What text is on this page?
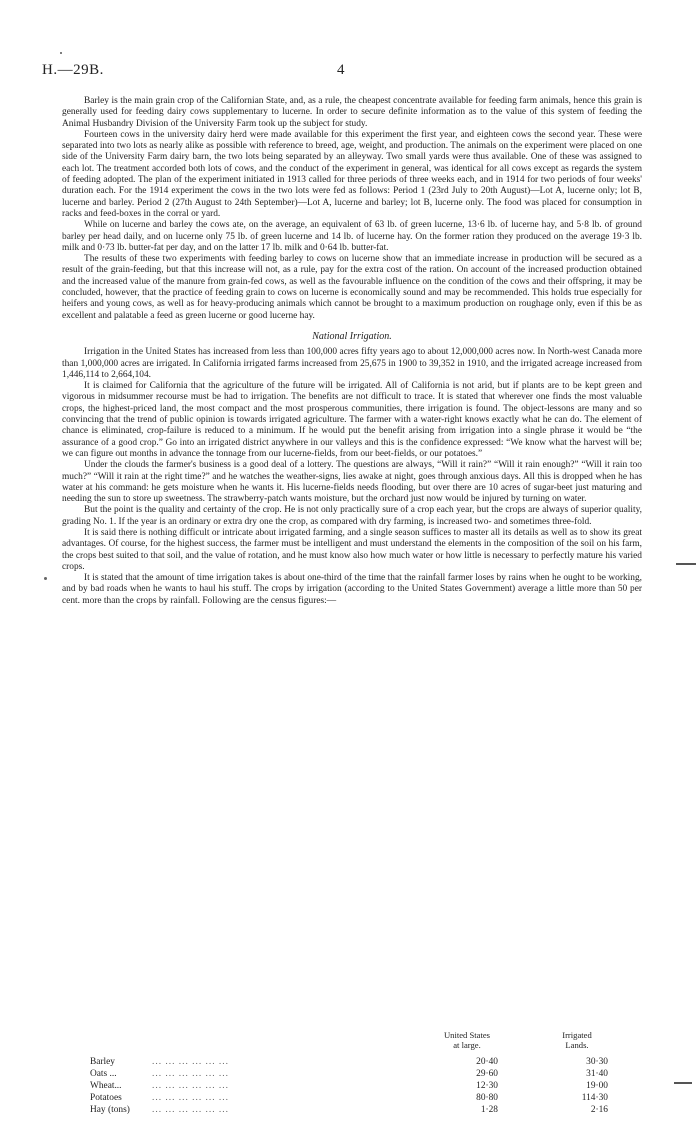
H.—29B.	4

Barley is the main grain crop of the Californian State, and, as a rule, the cheapest concentrate available for feeding farm animals, hence this grain is generally used for feeding dairy cows supplementary to lucerne. In order to secure definite information as to the value of this system of feeding the Animal Husbandry Division of the University Farm took up the subject for study.

Fourteen cows in the university dairy herd were made available for this experiment the first year, and eighteen cows the second year. These were separated into two lots as nearly alike as possible with reference to breed, age, weight, and production. The animals on the experiment were placed on one side of the University Farm dairy barn, the two lots being separated by an alleyway. Two small yards were thus available. One of these was assigned to each lot. The treatment accorded both lots of cows, and the conduct of the experiment in general, was identical for all cows except as regards the system of feeding adopted. The plan of the experiment initiated in 1913 called for three periods of three weeks each, and in 1914 for two periods of four weeks' duration each. For the 1914 experiment the cows in the two lots were fed as follows: Period 1 (23rd July to 20th August)—Lot A, lucerne only; lot B, lucerne and barley. Period 2 (27th August to 24th September)—Lot A, lucerne and barley; lot B, lucerne only. The food was placed for consumption in racks and feed-boxes in the corral or yard.

While on lucerne and barley the cows ate, on the average, an equivalent of 63 lb. of green lucerne, 13·6 lb. of lucerne hay, and 5·8 lb. of ground barley per head daily, and on lucerne only 75 lb. of green lucerne and 14 lb. of lucerne hay. On the former ration they produced on the average 19·3 lb. milk and 0·73 lb. butter-fat per day, and on the latter 17 lb. milk and 0·64 lb. butter-fat.

The results of these two experiments with feeding barley to cows on lucerne show that an immediate increase in production will be secured as a result of the grain-feeding, but that this increase will not, as a rule, pay for the extra cost of the ration. On account of the increased production obtained and the increased value of the manure from grain-fed cows, as well as the favourable influence on the condition of the cows and their offspring, it may be concluded, however, that the practice of feeding grain to cows on lucerne is economically sound and may be recommended. This holds true especially for heifers and young cows, as well as for heavy-producing animals which cannot be brought to a maximum production on roughage only, even if this be as excellent and palatable a feed as green lucerne or good lucerne hay.

National Irrigation.

Irrigation in the United States has increased from less than 100,000 acres fifty years ago to about 12,000,000 acres now. In North-west Canada more than 1,000,000 acres are irrigated. In California irrigated farms increased from 25,675 in 1900 to 39,352 in 1910, and the irrigated acreage increased from 1,446,114 to 2,664,104.

It is claimed for California that the agriculture of the future will be irrigated. All of California is not arid, but if plants are to be kept green and vigorous in midsummer recourse must be had to irrigation. The benefits are not difficult to trace. It is stated that wherever one finds the most valuable crops, the highest-priced land, the most compact and the most prosperous communities, there irrigation is found. The object-lessons are many and so convincing that the trend of public opinion is towards irrigated agriculture. The farmer with a water-right knows exactly what he can do. The element of chance is eliminated, crop-failure is reduced to a minimum. If he would put the benefit arising from irrigation into a single phrase it would be “the assurance of a good crop.” Go into an irrigated district anywhere in our valleys and this is the confidence expressed: “We know what the harvest will be; we can figure out months in advance the tonnage from our lucerne-fields, from our beet-fields, or our potatoes.”

Under the clouds the farmer's business is a good deal of a lottery. The questions are always, “Will it rain?” “Will it rain enough?” “Will it rain too much?” “Will it rain at the right time?” and he watches the weather-signs, lies awake at night, goes through anxious days. All this is dropped when he has water at his command: he gets moisture when he wants it. His lucerne-fields needs flooding, but over there are 10 acres of sugar-beet just maturing and needing the sun to store up sweetness. The strawberry-patch wants moisture, but the orchard just now would be injured by turning on water.

But the point is the quality and certainty of the crop. He is not only practically sure of a crop each year, but the crops are always of superior quality, grading No. 1. If the year is an ordinary or extra dry one the crop, as compared with dry farming, is increased two- and sometimes three-fold.

It is said there is nothing difficult or intricate about irrigated farming, and a single season suffices to master all its details as well as to show its great advantages. Of course, for the highest success, the farmer must be intelligent and must understand the elements in the composition of the soil on his farm, the crops best suited to that soil, and the value of rotation, and he must know also how much water or how little is necessary to perfectly mature his varied crops.

It is stated that the amount of time irrigation takes is about one-third of the time that the rainfall farmer loses by rains when he ought to be working, and by bad roads when he wants to haul his stuff. The crops by irrigation (according to the United States Government) average a little more than 50 per cent. more than the crops by rainfall. Following are the census figures:—

United States
at large.
Irrigated
Lands.
Barley	... ... ... ... ... ...	20·40	30·30
Oats ...	... ... ... ... ... ...	29·60	31·40
Wheat...	... ... ... ... ... ...	12·30	19·00
Potatoes	... ... ... ... ... ...	80·80	114·30
Hay (tons) ... ... ... ... ... ...	1·28	2·16
